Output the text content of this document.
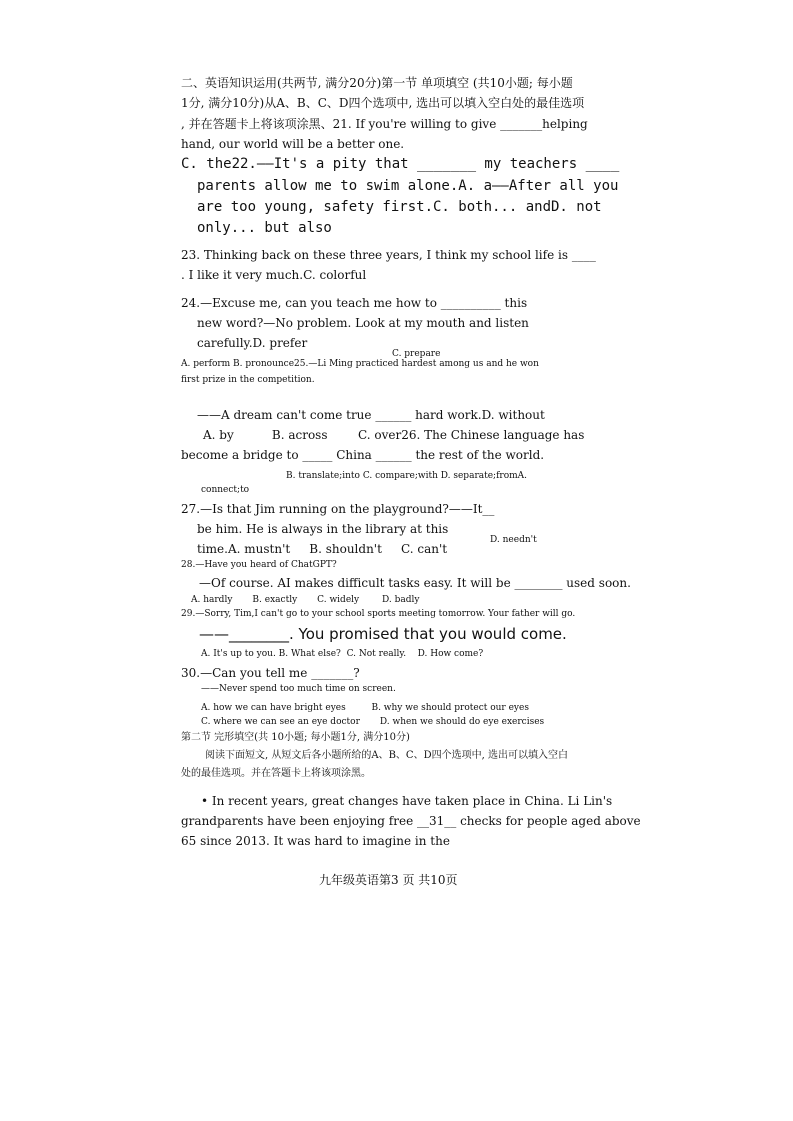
二、英语知识运用(共两节, 满分20分)第一节 单项填空 (共10小题; 每小题
1分, 满分10分)从A、B、C、D四个选项中, 选出可以填入空白处的最佳选项
, 并在答题卡上将该项涂黑、21. If you're willing to give _______helping
hand, our world will be a better one.
C. the22.——It's a pity that _______ my teachers ____
parents allow me to swim alone.A. a——After all you
are too young, safety first.C. both... andD. not
only... but also
23. Thinking back on these three years, I think my school life is ____
. I like it very much.C. colorful
24.—Excuse me, can you teach me how to __________ this
new word?—No problem. Look at my mouth and listen
carefully.D. prefer
C. prepare
A. perform B. pronounce25.—Li Ming practiced hardest among us and he won
first prize in the competition.
——A dream can't come true ______ hard work.D. without
A. by          B. across        C. over26. The Chinese language has
become a bridge to _____ China ______ the rest of the world.
B. translate;into C. compare;with D. separate;fromA.
connect;to
27.—Is that Jim running on the playground?——It__
be him. He is always in the library at this
time.A. mustn't     B. shouldn't     C. can't
D. needn't
28.—Have you heard of ChatGPT?
—Of course. AI makes difficult tasks easy. It will be ________ used soon.
A. hardly       B. exactly       C. widely        D. badly
29.—Sorry, Tim,I can't go to your school sports meeting tomorrow. Your father will go.
——________. You promised that you would come.
A. It's up to you. B. What else?  C. Not really.    D. How come?
30.—Can you tell me _______?
——Never spend too much time on screen.
A. how we can have bright eyes         B. why we should protect our eyes
C. where we can see an eye doctor       D. when we should do eye exercises
第二节 完形填空(共 10小题; 每小题1分, 满分10分)
阅读下面短文, 从短文后各小题所给的A、B、C、D四个选项中, 选出可以填入空白
处的最佳选项。并在答题卡上将该项涂黑。
• In recent years, great changes have taken place in China. Li Lin's
grandparents have been enjoying free __31__ checks for people aged above
65 since 2013. It was hard to imagine in the
九年级英语第3 页 共10页
